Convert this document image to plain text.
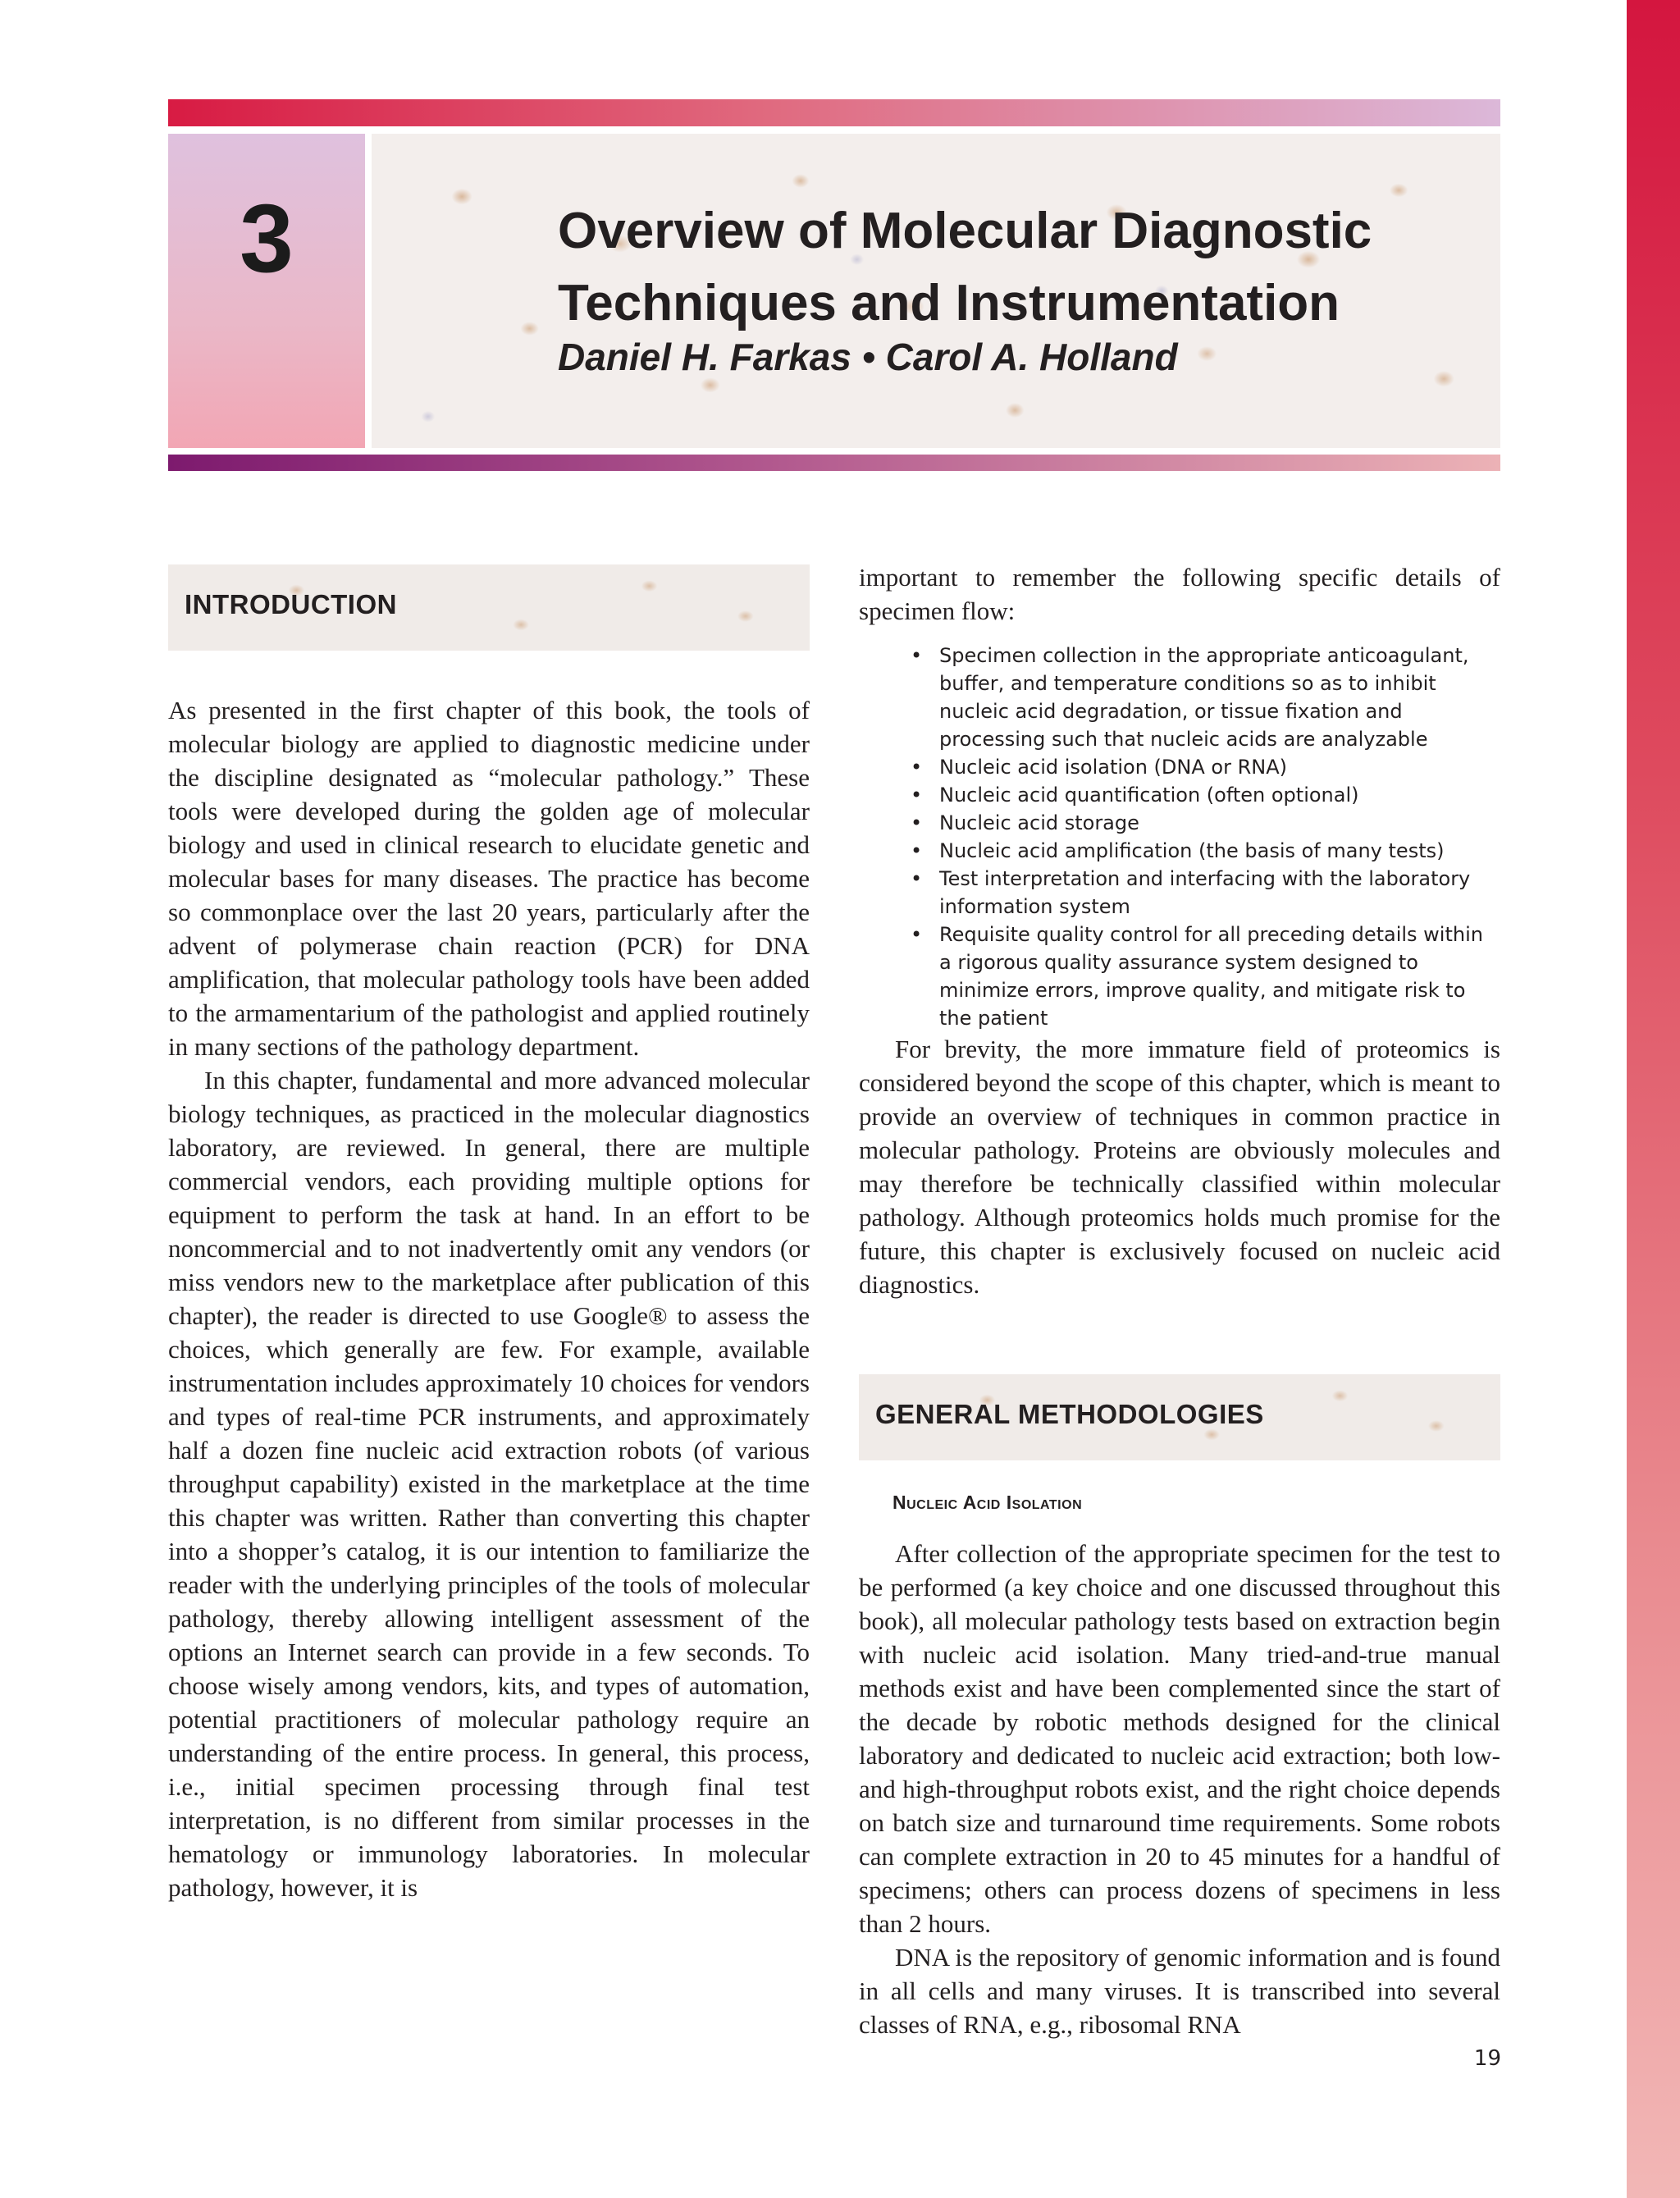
3	Overview of Molecular Diagnostic Techniques and Instrumentation
Daniel H. Farkas • Carol A. Holland
INTRODUCTION

As presented in the first chapter of this book, the tools of molecular biology are applied to diagnostic medicine under the discipline designated as “molecular pathology.” These tools were developed during the golden age of molecular biology and used in clinical research to elucidate genetic and molecular bases for many diseases. The practice has become so commonplace over the last 20 years, particularly after the advent of polymerase chain reaction (PCR) for DNA amplification, that molecular pathology tools have been added to the armamentarium of the pathologist and applied routinely in many sections of the pathology department.

In this chapter, fundamental and more advanced molecular biology techniques, as practiced in the molecular diagnostics laboratory, are reviewed. In general, there are multiple commercial vendors, each providing multiple options for equipment to perform the task at hand. In an effort to be noncommercial and to not inadvertently omit any vendors (or miss vendors new to the marketplace after publication of this chapter), the reader is directed to use Google® to assess the choices, which generally are few. For example, available instrumentation includes approximately 10 choices for vendors and types of real-time PCR instruments, and approximately half a dozen fine nucleic acid extraction robots (of various throughput capability) existed in the marketplace at the time this chapter was written. Rather than converting this chapter into a shopper’s catalog, it is our intention to familiarize the reader with the underlying principles of the tools of molecular pathology, thereby allowing intelligent assessment of the options an Internet search can provide in a few seconds. To choose wisely among vendors, kits, and types of automation, potential practitioners of molecular pathology require an understanding of the entire process. In general, this process, i.e., initial specimen processing through final test interpretation, is no different from similar processes in the hematology or immunology laboratories. In molecular pathology, however, it is

important to remember the following specific details of specimen flow:

• Specimen collection in the appropriate anticoagulant, buffer, and temperature conditions so as to inhibit nucleic acid degradation, or tissue fixation and processing such that nucleic acids are analyzable
• Nucleic acid isolation (DNA or RNA)
• Nucleic acid quantification (often optional)
• Nucleic acid storage
• Nucleic acid amplification (the basis of many tests)
• Test interpretation and interfacing with the laboratory information system
• Requisite quality control for all preceding details within a rigorous quality assurance system designed to minimize errors, improve quality, and mitigate risk to the patient

For brevity, the more immature field of proteomics is considered beyond the scope of this chapter, which is meant to provide an overview of techniques in common practice in molecular pathology. Proteins are obviously molecules and may therefore be technically classified within molecular pathology. Although proteomics holds much promise for the future, this chapter is exclusively focused on nucleic acid diagnostics.

GENERAL METHODOLOGIES
Nucleic Acid Isolation

After collection of the appropriate specimen for the test to be performed (a key choice and one discussed throughout this book), all molecular pathology tests based on extraction begin with nucleic acid isolation. Many tried-and-true manual methods exist and have been complemented since the start of the decade by robotic methods designed for the clinical laboratory and dedicated to nucleic acid extraction; both low- and high-throughput robots exist, and the right choice depends on batch size and turnaround time requirements. Some robots can complete extraction in 20 to 45 minutes for a handful of specimens; others can process dozens of specimens in less than 2 hours.

DNA is the repository of genomic information and is found in all cells and many viruses. It is transcribed into several classes of RNA, e.g., ribosomal RNA

19
